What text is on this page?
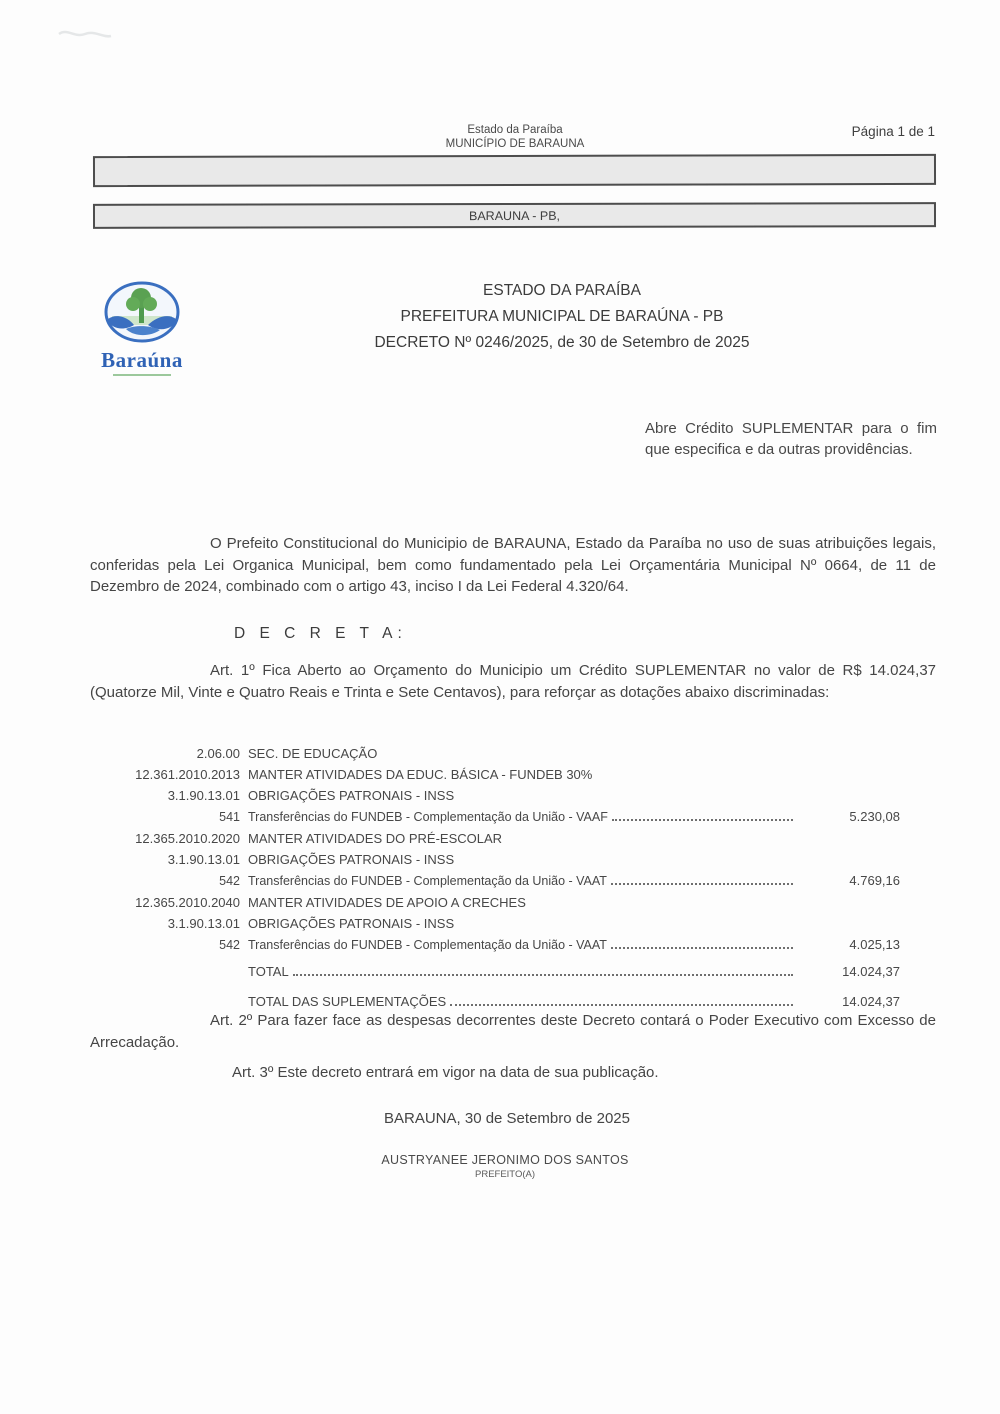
Estado da Paraíba
MUNICÍPIO DE BARAUNA
Página 1 de 1
BARAUNA - PB,
Baraúna
ESTADO DA PARAÍBA
PREFEITURA MUNICIPAL DE BARAÚNA - PB
DECRETO Nº 0246/2025, de 30 de Setembro de 2025
Abre Crédito SUPLEMENTAR para o fim que especifica e da outras providências.
O Prefeito Constitucional do Municipio de BARAUNA, Estado da Paraíba no uso de suas atribuições legais, conferidas pela Lei Organica Municipal, bem como fundamentado pela Lei Orçamentária Municipal Nº 0664, de 11 de Dezembro de 2024, combinado com o artigo 43, inciso I da Lei Federal 4.320/64.
D E C R E T A:
Art. 1º Fica Aberto ao Orçamento do Municipio um Crédito SUPLEMENTAR no valor de R$ 14.024,37 (Quatorze Mil, Vinte e Quatro Reais e Trinta e Sete Centavos), para reforçar as dotações abaixo discriminadas:
2.06.00 SEC. DE EDUCAÇÃO
12.361.2010.2013 MANTER ATIVIDADES DA EDUC. BÁSICA - FUNDEB 30%
3.1.90.13.01 OBRIGAÇÕES PATRONAIS - INSS
541 Transferências do FUNDEB - Complementação da União - VAAF	5.230,08
12.365.2010.2020 MANTER ATIVIDADES DO PRÉ-ESCOLAR
3.1.90.13.01 OBRIGAÇÕES PATRONAIS - INSS
542 Transferências do FUNDEB - Complementação da União - VAAT	4.769,16
12.365.2010.2040 MANTER ATIVIDADES DE APOIO A CRECHES
3.1.90.13.01 OBRIGAÇÕES PATRONAIS - INSS
542 Transferências do FUNDEB - Complementação da União - VAAT	4.025,13
TOTAL	14.024,37
TOTAL DAS SUPLEMENTAÇÕES	14.024,37
Art. 2º Para fazer face as despesas decorrentes deste Decreto contará o Poder Executivo com Excesso de Arrecadação.
Art. 3º Este decreto entrará em vigor na data de sua publicação.
BARAUNA, 30 de Setembro de 2025
AUSTRYANEE JERONIMO DOS SANTOS
PREFEITO(A)
